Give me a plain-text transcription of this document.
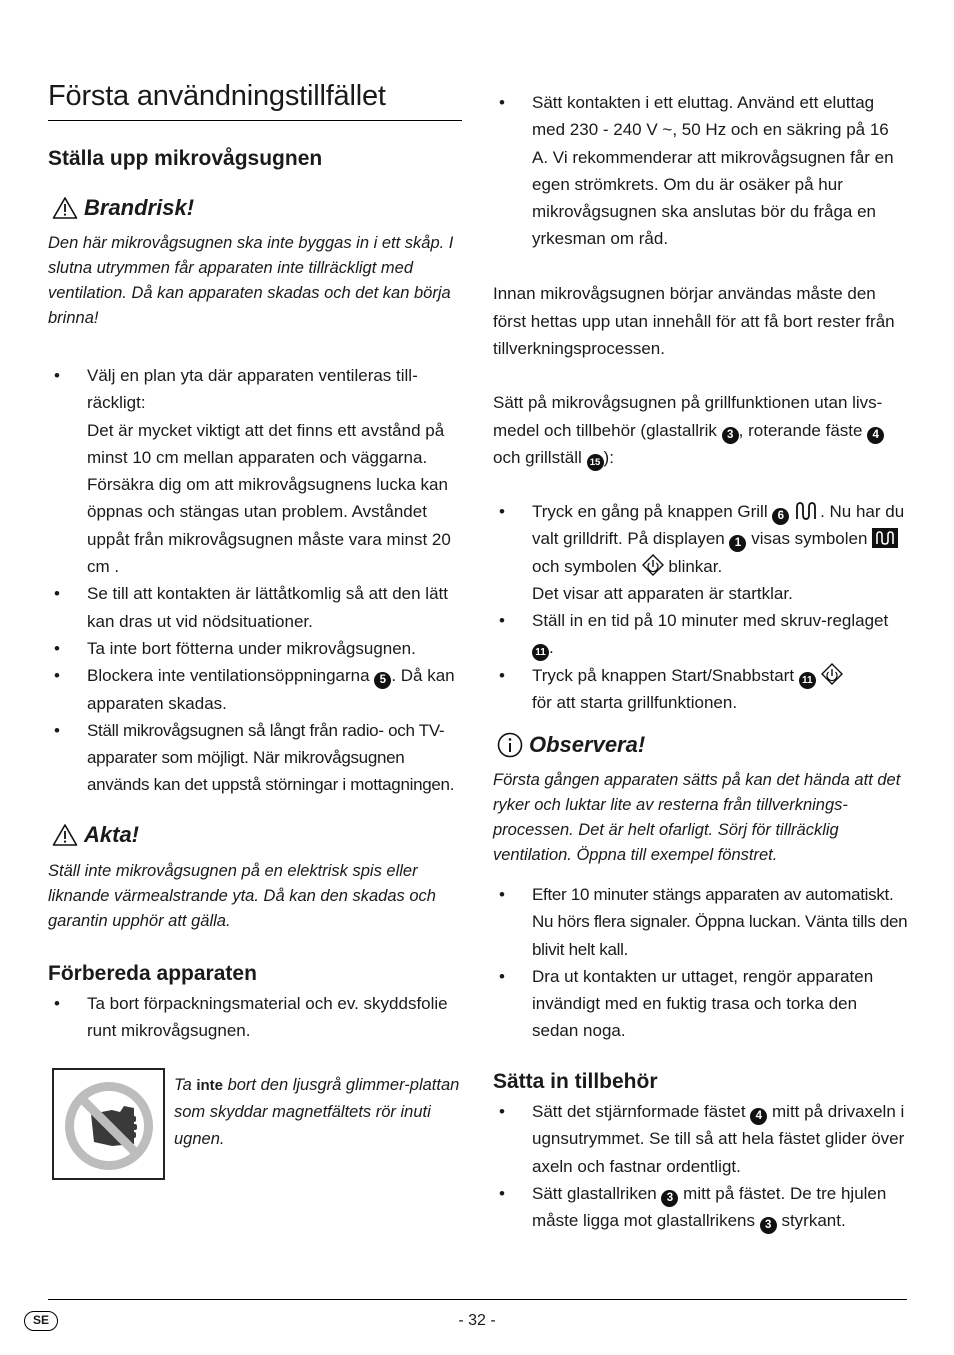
Första användningstillfället
Ställa upp mikrovågsugnen
Brandrisk!

Den här mikrovågsugnen ska inte byggas in i ett skåp. I slutna utrymmen får apparaten inte tillräckligt med ventilation. Då kan apparaten skadas och det kan börja brinna!

• Välj en plan yta där apparaten ventileras till-räckligt:
Det är mycket viktigt att det finns ett avstånd på minst 10 cm mellan apparaten och väggarna. Försäkra dig om att mikrovågsugnens lucka kan öppnas och stängas utan problem. Avståndet uppåt från mikrovågsugnen måste vara minst 20 cm .
• Se till att kontakten är lättåtkomlig så att den lätt kan dras ut vid nödsituationer.
• Ta inte bort fötterna under mikrovågsugnen.
• Blockera inte ventilationsöppningarna 5 . Då kan apparaten skadas.
• Ställ mikrovågsugnen så långt från radio- och TV-apparater som möjligt. När mikrovågsugnen används kan det uppstå störningar i mottagningen.
Akta!

Ställ inte mikrovågsugnen på en elektrisk spis eller liknande värmealstrande yta. Då kan den skadas och garantin upphör att gälla.

Förbereda apparaten
• Ta bort förpackningsmaterial och ev. skyddsfolie runt mikrovågsugnen.

Ta inte bort den ljusgrå glimmer-plattan som skyddar magnetfältets rör inuti ugnen.

• Sätt kontakten i ett eluttag. Använd ett eluttag med 230 - 240 V ~, 50 Hz och en säkring på 16 A. Vi rekommenderar att mikrovågsugnen får en egen strömkrets. Om du är osäker på hur mikrovågsugnen ska anslutas bör du fråga en yrkesman om råd.

Innan mikrovågsugnen börjar användas måste den först hettas upp utan innehåll för att få bort rester från tillverkningsprocessen.

Sätt på mikrovågsugnen på grillfunktionen utan livs-medel och tillbehör (glastallrik 3 , roterande fäste 4 och grillställ 15 ):

• Tryck en gång på knappen Grill 6 . Nu har du valt grilldrift. På displayen 1 visas symbolen  och symbolen  blinkar.
Det visar att apparaten är startklar.
• Ställ in en tid på 10 minuter med skruv-reglaget 11 .
• Tryck på knappen Start/Snabbstart 11
för att starta grillfunktionen.
Observera!

Första gången apparaten sätts på kan det hända att det ryker och luktar lite av resterna från tillverknings-processen. Det är helt ofarligt. Sörj för tillräcklig ventilation. Öppna till exempel fönstret.

• Efter 10 minuter stängs apparaten av automatiskt. Nu hörs flera signaler. Öppna luckan. Vänta tills den blivit helt kall.
• Dra ut kontakten ur uttaget, rengör apparaten invändigt med en fuktig trasa och torka den sedan noga.
Sätta in tillbehör
• Sätt det stjärnformade fästet 4 mitt på drivaxeln i ugnsutrymmet. Se till så att hela fästet glider över axeln och fastnar ordentligt.
• Sätt glastallriken 3 mitt på fästet. De tre hjulen måste ligga mot glastallrikens 3 styrkant.
SE	- 32 -
